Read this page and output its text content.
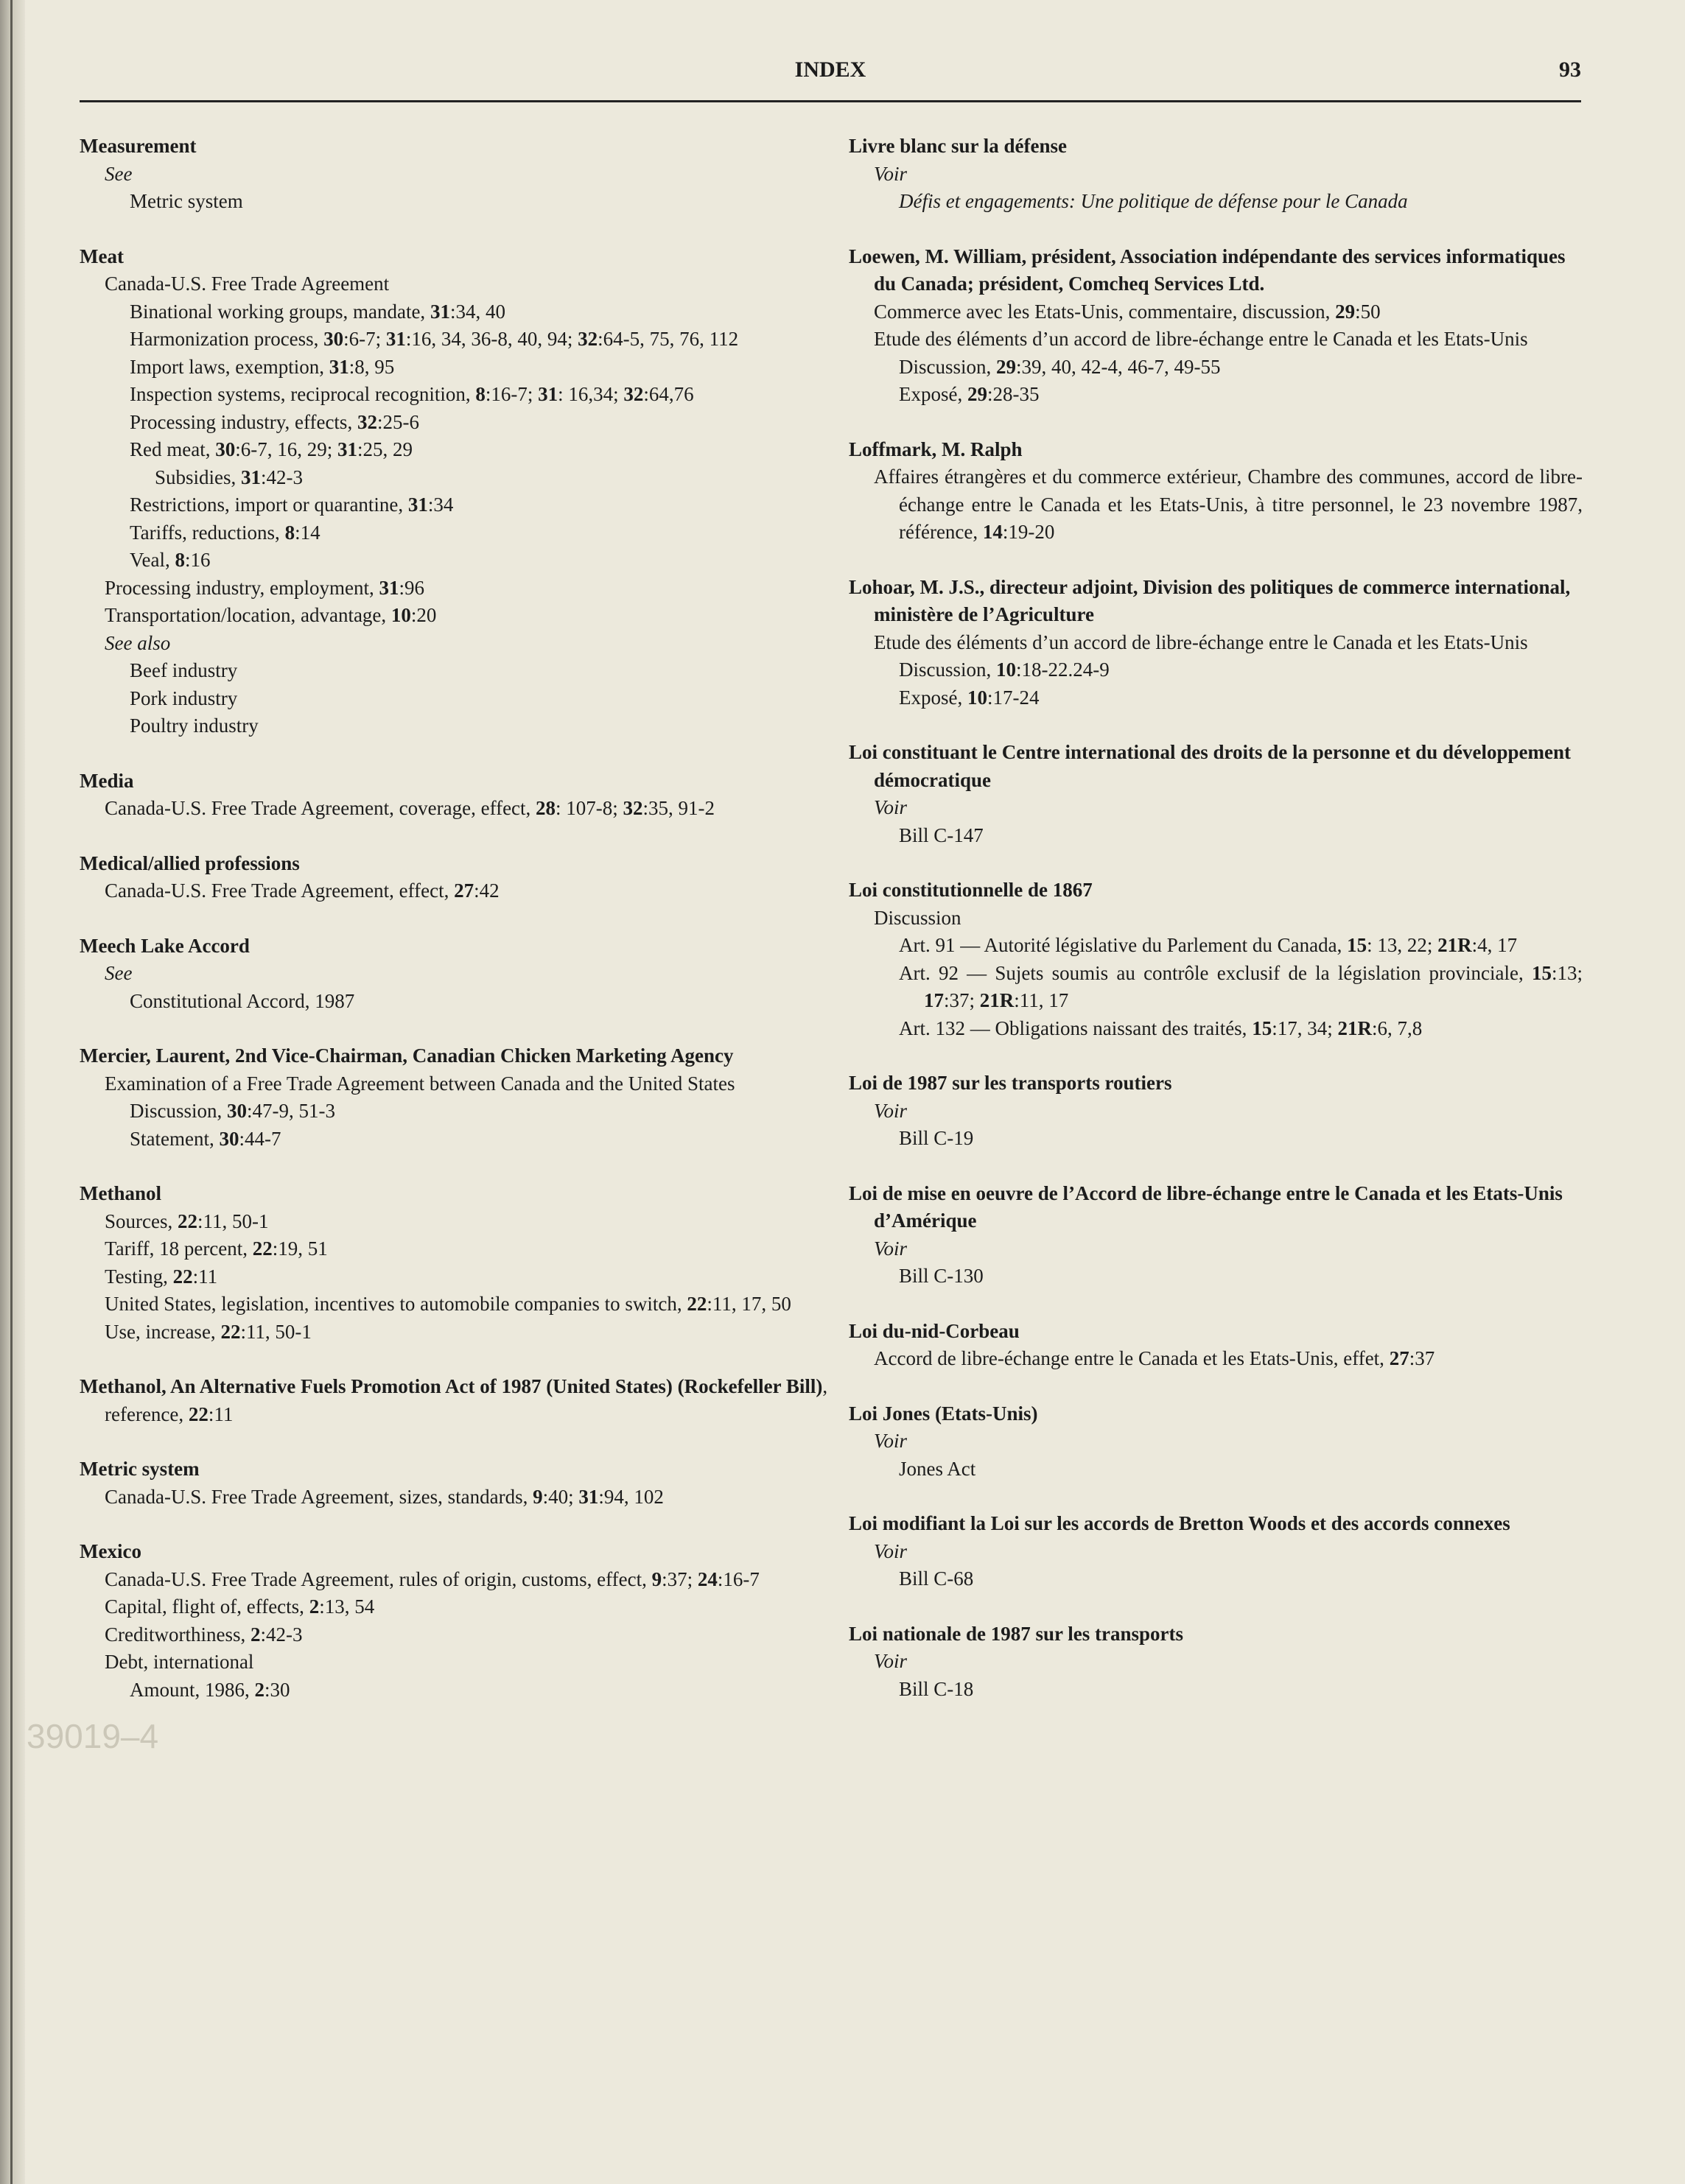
INDEX	93
Measurement
See
Metric system
Meat
Canada-U.S. Free Trade Agreement
Binational working groups, mandate, 31:34, 40
Harmonization process, 30:6-7; 31:16, 34, 36-8, 40, 94; 32:64-5, 75, 76, 112
Import laws, exemption, 31:8, 95
Inspection systems, reciprocal recognition, 8:16-7; 31: 16,34; 32:64,76
Processing industry, effects, 32:25-6
Red meat, 30:6-7, 16, 29; 31:25, 29
Subsidies, 31:42-3
Restrictions, import or quarantine, 31:34
Tariffs, reductions, 8:14
Veal, 8:16
Processing industry, employment, 31:96
Transportation/location, advantage, 10:20
See also
Beef industry
Pork industry
Poultry industry
Media
Canada-U.S. Free Trade Agreement, coverage, effect, 28: 107-8; 32:35, 91-2
Medical/allied professions
Canada-U.S. Free Trade Agreement, effect, 27:42
Meech Lake Accord
See
Constitutional Accord, 1987
Mercier, Laurent, 2nd Vice-Chairman, Canadian Chicken Marketing Agency
Examination of a Free Trade Agreement between Canada and the United States
Discussion, 30:47-9, 51-3
Statement, 30:44-7
Methanol
Sources, 22:11, 50-1
Tariff, 18 percent, 22:19, 51
Testing, 22:11
United States, legislation, incentives to automobile companies to switch, 22:11, 17, 50
Use, increase, 22:11, 50-1
Methanol, An Alternative Fuels Promotion Act of 1987 (United States) (Rockefeller Bill), reference, 22:11
Metric system
Canada-U.S. Free Trade Agreement, sizes, standards, 9:40; 31:94, 102
Mexico
Canada-U.S. Free Trade Agreement, rules of origin, customs, effect, 9:37; 24:16-7
Capital, flight of, effects, 2:13, 54
Creditworthiness, 2:42-3
Debt, international
Amount, 1986, 2:30
Livre blanc sur la défense
Voir
Défis et engagements: Une politique de défense pour le Canada
Loewen, M. William, président, Association indépendante des services informatiques du Canada; président, Comcheq Services Ltd.
Commerce avec les Etats-Unis, commentaire, discussion, 29:50
Etude des éléments d’un accord de libre-échange entre le Canada et les Etats-Unis
Discussion, 29:39, 40, 42-4, 46-7, 49-55
Exposé, 29:28-35
Loffmark, M. Ralph
Affaires étrangères et du commerce extérieur, Chambre des communes, accord de libre-échange entre le Canada et les Etats-Unis, à titre personnel, le 23 novembre 1987, référence, 14:19-20
Lohoar, M. J.S., directeur adjoint, Division des politiques de commerce international, ministère de l’Agriculture
Etude des éléments d’un accord de libre-échange entre le Canada et les Etats-Unis
Discussion, 10:18-22.24-9
Exposé, 10:17-24
Loi constituant le Centre international des droits de la personne et du développement démocratique
Voir
Bill C-147
Loi constitutionnelle de 1867
Discussion
Art. 91 — Autorité législative du Parlement du Canada, 15: 13, 22; 21R:4, 17
Art. 92 — Sujets soumis au contrôle exclusif de la législation provinciale, 15:13; 17:37; 21R:11, 17
Art. 132 — Obligations naissant des traités, 15:17, 34; 21R:6, 7,8
Loi de 1987 sur les transports routiers
Voir
Bill C-19
Loi de mise en oeuvre de l’Accord de libre-échange entre le Canada et les Etats-Unis d’Amérique
Voir
Bill C-130
Loi du-nid-Corbeau
Accord de libre-échange entre le Canada et les Etats-Unis, effet, 27:37
Loi Jones (Etats-Unis)
Voir
Jones Act
Loi modifiant la Loi sur les accords de Bretton Woods et des accords connexes
Voir
Bill C-68
Loi nationale de 1987 sur les transports
Voir
Bill C-18
39019–4
